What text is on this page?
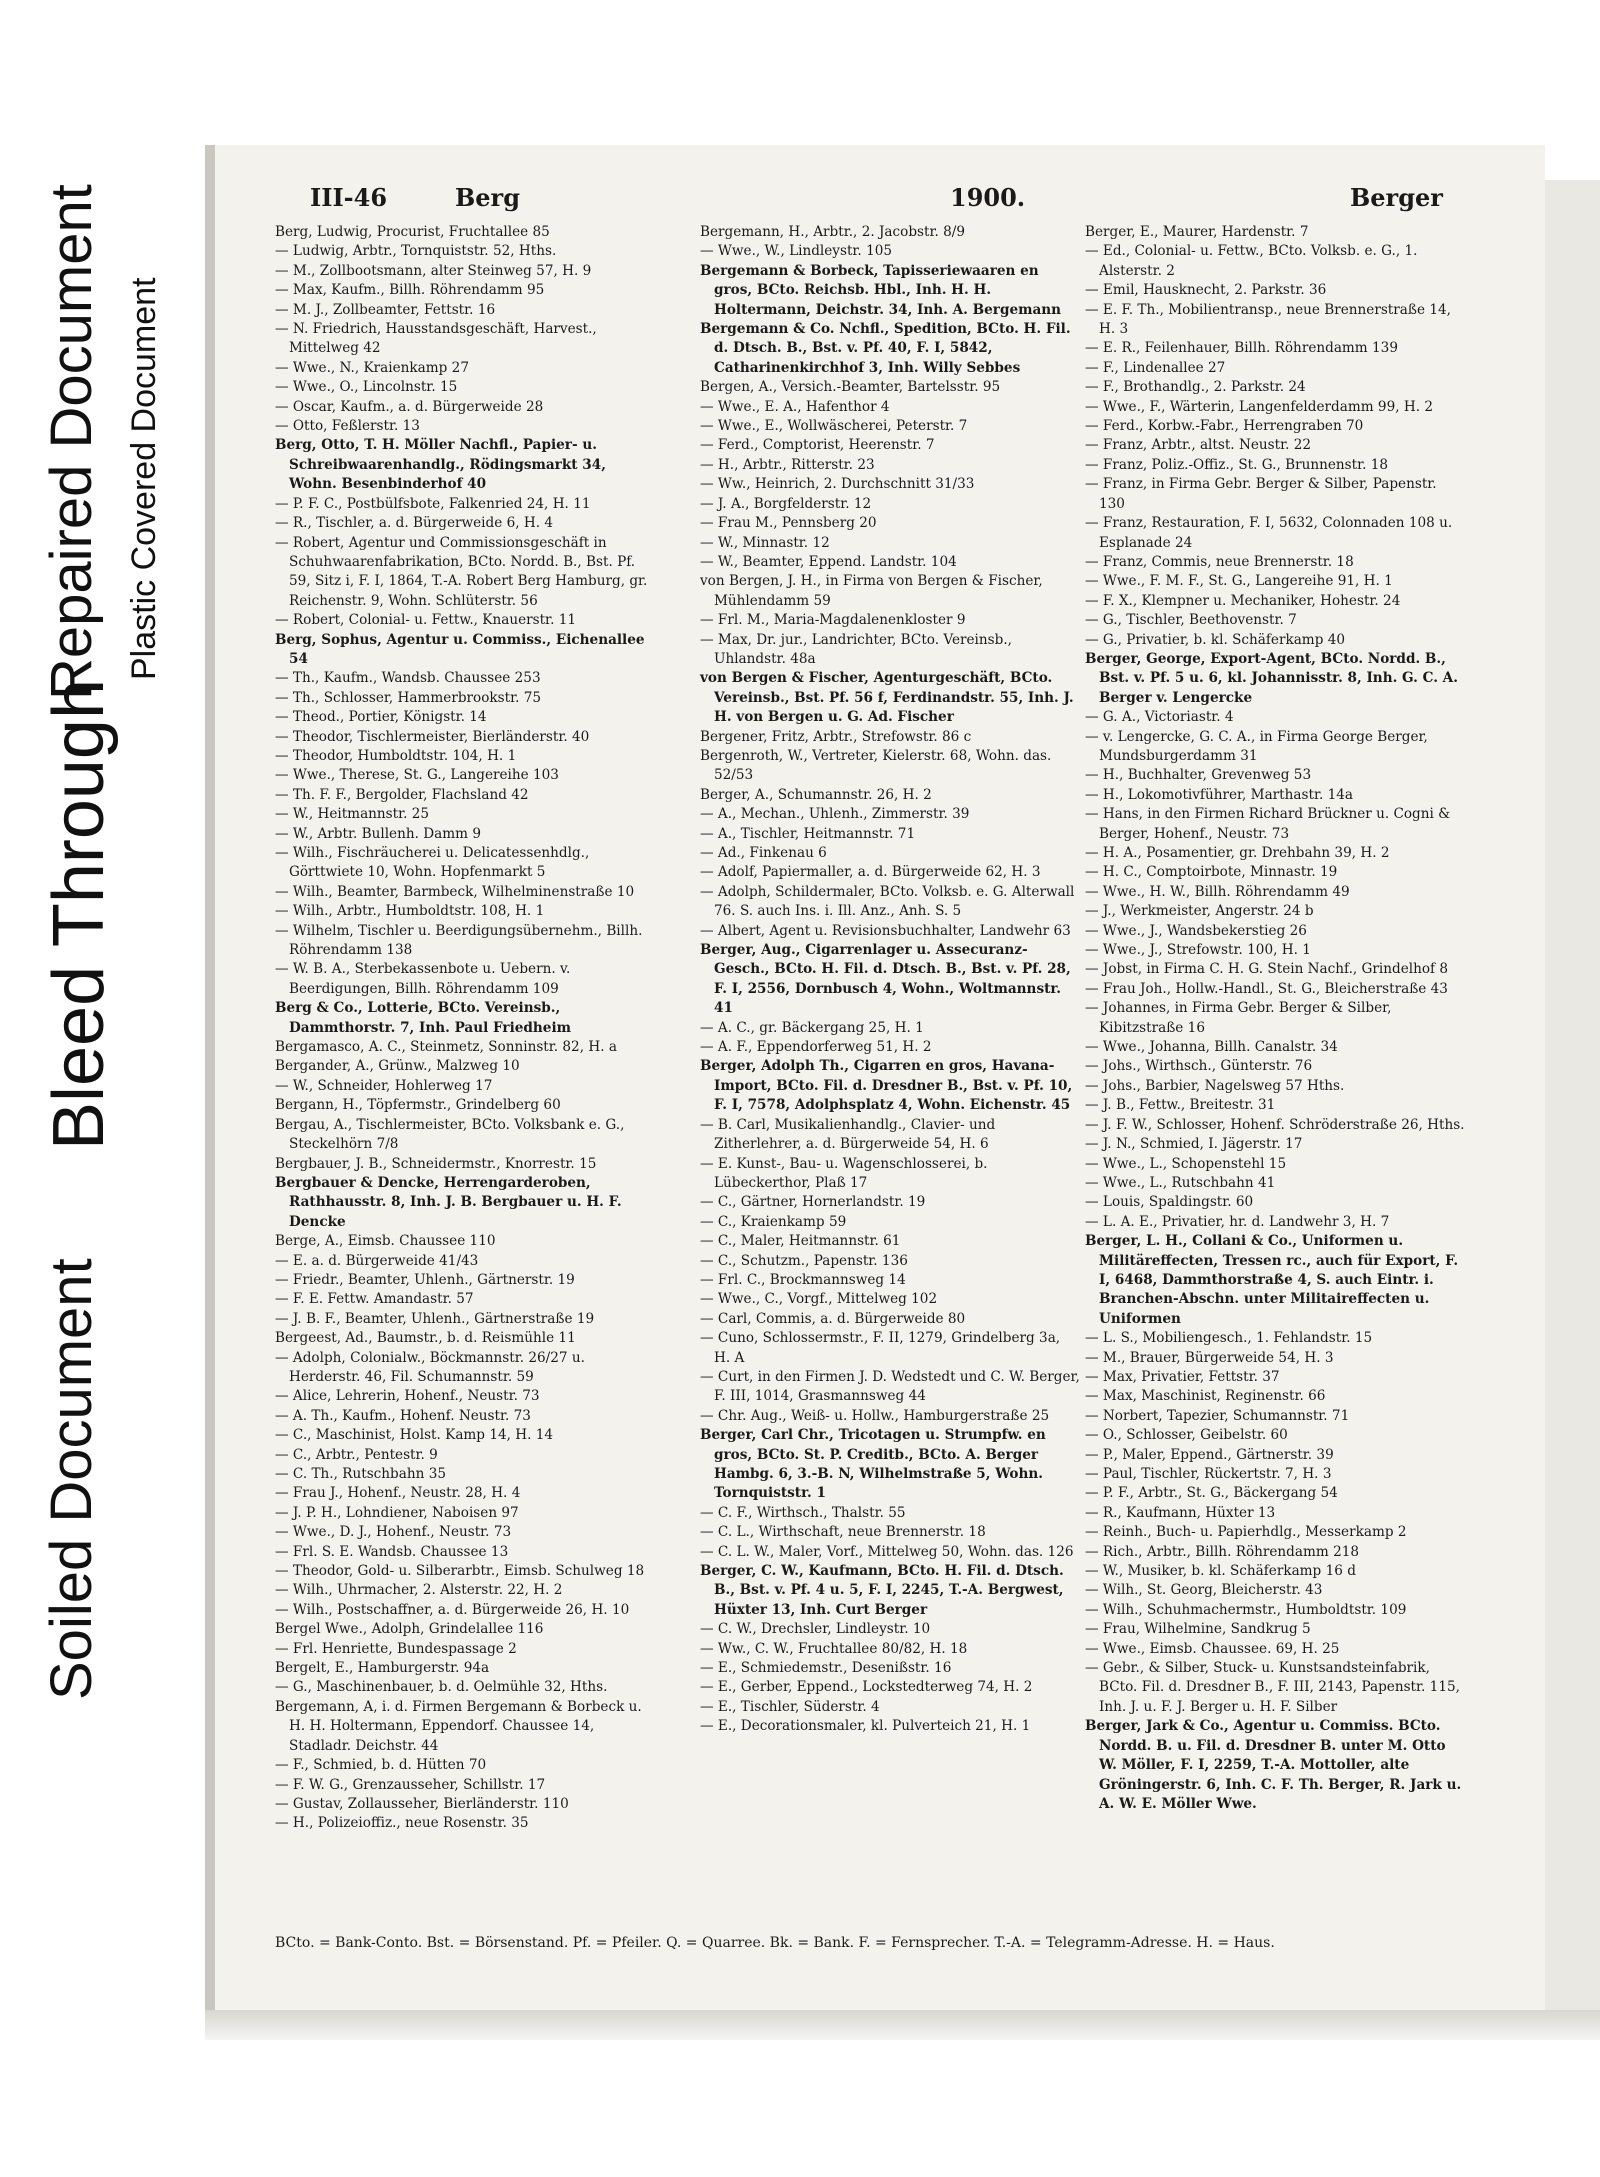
Soiled Document
Bleed Through
Repaired Document Plastic Covered Document
III-46	Berg	1900.	Berger

Berg, Ludwig, Procurist, Fruchtallee 85

— Ludwig, Arbtr., Tornquiststr. 52, Hths.

— M., Zollbootsmann, alter Steinweg 57, H. 9

— Max, Kaufm., Billh. Röhrendamm 95

— M. J., Zollbeamter, Fettstr. 16

— N. Friedrich, Hausstandsgeschäft, Harvest., Mittelweg 42

— Wwe., N., Kraienkamp 27

— Wwe., O., Lincolnstr. 15

— Oscar, Kaufm., a. d. Bürgerweide 28

— Otto, Feßlerstr. 13

Berg, Otto, T. H. Möller Nachfl., Papier- u. Schreibwaarenhandlg., Rödingsmarkt 34, Wohn. Besenbinderhof 40

— P. F. C., Postbülfsbote, Falkenried 24, H. 11

— R., Tischler, a. d. Bürgerweide 6, H. 4

— Robert, Agentur und Commissionsgeschäft in Schuhwaarenfabrikation, BCto. Nordd. B., Bst. Pf. 59, Sitz i, F. I, 1864, T.-A. Robert Berg Hamburg, gr. Reichenstr. 9, Wohn. Schlüterstr. 56

— Robert, Colonial- u. Fettw., Knauerstr. 11

Berg, Sophus, Agentur u. Commiss., Eichenallee 54

— Th., Kaufm., Wandsb. Chaussee 253

— Th., Schlosser, Hammerbrookstr. 75

— Theod., Portier, Königstr. 14

— Theodor, Tischlermeister, Bierländerstr. 40

— Theodor, Humboldtstr. 104, H. 1

— Wwe., Therese, St. G., Langereihe 103

— Th. F. F., Bergolder, Flachsland 42

— W., Heitmannstr. 25

— W., Arbtr. Bullenh. Damm 9

— Wilh., Fischräucherei u. Delicatessenhdlg., Görttwiete 10, Wohn. Hopfenmarkt 5

— Wilh., Beamter, Barmbeck, Wilhelminenstraße 10

— Wilh., Arbtr., Humboldtstr. 108, H. 1

— Wilhelm, Tischler u. Beerdigungsübernehm., Billh. Röhrendamm 138

— W. B. A., Sterbekassenbote u. Uebern. v. Beerdigungen, Billh. Röhrendamm 109

Berg & Co., Lotterie, BCto. Vereinsb., Dammthorstr. 7, Inh. Paul Friedheim

Bergamasco, A. C., Steinmetz, Sonninstr. 82, H. a

Bergander, A., Grünw., Malzweg 10

— W., Schneider, Hohlerweg 17

Bergann, H., Töpfermstr., Grindelberg 60

Bergau, A., Tischlermeister, BCto. Volksbank e. G., Steckelhörn 7/8

Bergbauer, J. B., Schneidermstr., Knorrestr. 15

Bergbauer & Dencke, Herrengarderoben, Rathhausstr. 8, Inh. J. B. Bergbauer u. H. F. Dencke

Berge, A., Eimsb. Chaussee 110

— E. a. d. Bürgerweide 41/43

— Friedr., Beamter, Uhlenh., Gärtnerstr. 19

— F. E. Fettw. Amandastr. 57

— J. B. F., Beamter, Uhlenh., Gärtnerstraße 19

Bergeest, Ad., Baumstr., b. d. Reismühle 11

— Adolph, Colonialw., Böckmannstr. 26/27 u. Herderstr. 46, Fil. Schumannstr. 59

— Alice, Lehrerin, Hohenf., Neustr. 73

— A. Th., Kaufm., Hohenf. Neustr. 73

— C., Maschinist, Holst. Kamp 14, H. 14

— C., Arbtr., Pentestr. 9

— C. Th., Rutschbahn 35

— Frau J., Hohenf., Neustr. 28, H. 4

— J. P. H., Lohndiener, Naboisen 97

— Wwe., D. J., Hohenf., Neustr. 73

— Frl. S. E. Wandsb. Chaussee 13

— Theodor, Gold- u. Silberarbtr., Eimsb. Schulweg 18

— Wilh., Uhrmacher, 2. Alsterstr. 22, H. 2

— Wilh., Postschaffner, a. d. Bürgerweide 26, H. 10

Bergel Wwe., Adolph, Grindelallee 116

— Frl. Henriette, Bundespassage 2

Bergelt, E., Hamburgerstr. 94a

— G., Maschinenbauer, b. d. Oelmühle 32, Hths.

Bergemann, A, i. d. Firmen Bergemann & Borbeck u. H. H. Holtermann, Eppendorf. Chaussee 14, Stadladr. Deichstr. 44

— F., Schmied, b. d. Hütten 70

— F. W. G., Grenzausseher, Schillstr. 17

— Gustav, Zollausseher, Bierländerstr. 110

— H., Polizeioffiz., neue Rosenstr. 35

Bergemann, H., Arbtr., 2. Jacobstr. 8/9

— Wwe., W., Lindleystr. 105

Bergemann & Borbeck, Tapisseriewaaren en gros, BCto. Reichsb. Hbl., Inh. H. H. Holtermann, Deichstr. 34, Inh. A. Bergemann

Bergemann & Co. Nchfl., Spedition, BCto. H. Fil. d. Dtsch. B., Bst. v. Pf. 40, F. I, 5842, Catharinenkirchhof 3, Inh. Willy Sebbes

Bergen, A., Versich.-Beamter, Bartelsstr. 95

— Wwe., E. A., Hafenthor 4

— Wwe., E., Wollwäscherei, Peterstr. 7

— Ferd., Comptorist, Heerenstr. 7

— H., Arbtr., Ritterstr. 23

— Ww., Heinrich, 2. Durchschnitt 31/33

— J. A., Borgfelderstr. 12

— Frau M., Pennsberg 20

— W., Minnastr. 12

— W., Beamter, Eppend. Landstr. 104

von Bergen, J. H., in Firma von Bergen & Fischer, Mühlendamm 59

— Frl. M., Maria-Magdalenenkloster 9

— Max, Dr. jur., Landrichter, BCto. Vereinsb., Uhlandstr. 48a

von Bergen & Fischer, Agenturgeschäft, BCto. Vereinsb., Bst. Pf. 56 f, Ferdinandstr. 55, Inh. J. H. von Bergen u. G. Ad. Fischer

Bergener, Fritz, Arbtr., Strefowstr. 86 c

Bergenroth, W., Vertreter, Kielerstr. 68, Wohn. das. 52/53

Berger, A., Schumannstr. 26, H. 2

— A., Mechan., Uhlenh., Zimmerstr. 39

— A., Tischler, Heitmannstr. 71

— Ad., Finkenau 6

— Adolf, Papiermaller, a. d. Bürgerweide 62, H. 3

— Adolph, Schildermaler, BCto. Volksb. e. G. Alterwall 76. S. auch Ins. i. Ill. Anz., Anh. S. 5

— Albert, Agent u. Revisionsbuchhalter, Landwehr 63

Berger, Aug., Cigarrenlager u. Assecuranz-Gesch., BCto. H. Fil. d. Dtsch. B., Bst. v. Pf. 28, F. I, 2556, Dornbusch 4, Wohn., Woltmannstr. 41

— A. C., gr. Bäckergang 25, H. 1

— A. F., Eppendorferweg 51, H. 2

Berger, Adolph Th., Cigarren en gros, Havana-Import, BCto. Fil. d. Dresdner B., Bst. v. Pf. 10, F. I, 7578, Adolphsplatz 4, Wohn. Eichenstr. 45

— B. Carl, Musikalienhandlg., Clavier- und Zitherlehrer, a. d. Bürgerweide 54, H. 6

— E. Kunst-, Bau- u. Wagenschlosserei, b. Lübeckerthor, Plaß 17

— C., Gärtner, Hornerlandstr. 19

— C., Kraienkamp 59

— C., Maler, Heitmannstr. 61

— C., Schutzm., Papenstr. 136

— Frl. C., Brockmannsweg 14

— Wwe., C., Vorgf., Mittelweg 102

— Carl, Commis, a. d. Bürgerweide 80

— Cuno, Schlossermstr., F. II, 1279, Grindelberg 3a, H. A

— Curt, in den Firmen J. D. Wedstedt und C. W. Berger, F. III, 1014, Grasmannsweg 44

— Chr. Aug., Weiß- u. Hollw., Hamburgerstraße 25

Berger, Carl Chr., Tricotagen u. Strumpfw. en gros, BCto. St. P. Creditb., BCto. A. Berger Hambg. 6, 3.-B. N, Wilhelmstraße 5, Wohn. Tornquiststr. 1

— C. F., Wirthsch., Thalstr. 55

— C. L., Wirthschaft, neue Brennerstr. 18

— C. L. W., Maler, Vorf., Mittelweg 50, Wohn. das. 126

Berger, C. W., Kaufmann, BCto. H. Fil. d. Dtsch. B., Bst. v. Pf. 4 u. 5, F. I, 2245, T.-A. Bergwest, Hüxter 13, Inh. Curt Berger

— C. W., Drechsler, Lindleystr. 10

— Ww., C. W., Fruchtallee 80/82, H. 18

— E., Schmiedemstr., Desenißstr. 16

— E., Gerber, Eppend., Lockstedterweg 74, H. 2

— E., Tischler, Süderstr. 4

— E., Decorationsmaler, kl. Pulverteich 21, H. 1

Berger, E., Maurer, Hardenstr. 7

— Ed., Colonial- u. Fettw., BCto. Volksb. e. G., 1. Alsterstr. 2

— Emil, Hausknecht, 2. Parkstr. 36

— E. F. Th., Mobilientransp., neue Brennerstraße 14, H. 3

— E. R., Feilenhauer, Billh. Röhrendamm 139

— F., Lindenallee 27

— F., Brothandlg., 2. Parkstr. 24

— Wwe., F., Wärterin, Langenfelderdamm 99, H. 2

— Ferd., Korbw.-Fabr., Herrengraben 70

— Franz, Arbtr., altst. Neustr. 22

— Franz, Poliz.-Offiz., St. G., Brunnenstr. 18

— Franz, in Firma Gebr. Berger & Silber, Papenstr. 130

— Franz, Restauration, F. I, 5632, Colonnaden 108 u. Esplanade 24

— Franz, Commis, neue Brennerstr. 18

— Wwe., F. M. F., St. G., Langereihe 91, H. 1

— F. X., Klempner u. Mechaniker, Hohestr. 24

— G., Tischler, Beethovenstr. 7

— G., Privatier, b. kl. Schäferkamp 40

Berger, George, Export-Agent, BCto. Nordd. B., Bst. v. Pf. 5 u. 6, kl. Johannisstr. 8, Inh. G. C. A. Berger v. Lengercke

— G. A., Victoriastr. 4

— v. Lengercke, G. C. A., in Firma George Berger, Mundsburgerdamm 31

— H., Buchhalter, Grevenweg 53

— H., Lokomotivführer, Marthastr. 14a

— Hans, in den Firmen Richard Brückner u. Cogni & Berger, Hohenf., Neustr. 73

— H. A., Posamentier, gr. Drehbahn 39, H. 2

— H. C., Comptoirbote, Minnastr. 19

— Wwe., H. W., Billh. Röhrendamm 49

— J., Werkmeister, Angerstr. 24 b

— Wwe., J., Wandsbekerstieg 26

— Wwe., J., Strefowstr. 100, H. 1

— Jobst, in Firma C. H. G. Stein Nachf., Grindelhof 8

— Frau Joh., Hollw.-Handl., St. G., Bleicherstraße 43

— Johannes, in Firma Gebr. Berger & Silber, Kibitzstraße 16

— Wwe., Johanna, Billh. Canalstr. 34

— Johs., Wirthsch., Günterstr. 76

— Johs., Barbier, Nagelsweg 57 Hths.

— J. B., Fettw., Breitestr. 31

— J. F. W., Schlosser, Hohenf. Schröderstraße 26, Hths.

— J. N., Schmied, I. Jägerstr. 17

— Wwe., L., Schopenstehl 15

— Wwe., L., Rutschbahn 41

— Louis, Spaldingstr. 60

— L. A. E., Privatier, hr. d. Landwehr 3, H. 7

Berger, L. H., Collani & Co., Uniformen u. Militäreffecten, Tressen rc., auch für Export, F. I, 6468, Dammthorstraße 4, S. auch Eintr. i. Branchen-Abschn. unter Militaireffecten u. Uniformen

— L. S., Mobiliengesch., 1. Fehlandstr. 15

— M., Brauer, Bürgerweide 54, H. 3

— Max, Privatier, Fettstr. 37

— Max, Maschinist, Reginenstr. 66

— Norbert, Tapezier, Schumannstr. 71

— O., Schlosser, Geibelstr. 60

— P., Maler, Eppend., Gärtnerstr. 39

— Paul, Tischler, Rückertstr. 7, H. 3

— P. F., Arbtr., St. G., Bäckergang 54

— R., Kaufmann, Hüxter 13

— Reinh., Buch- u. Papierhdlg., Messerkamp 2

— Rich., Arbtr., Billh. Röhrendamm 218

— W., Musiker, b. kl. Schäferkamp 16 d

— Wilh., St. Georg, Bleicherstr. 43

— Wilh., Schuhmachermstr., Humboldtstr. 109

— Frau, Wilhelmine, Sandkrug 5

— Wwe., Eimsb. Chaussee. 69, H. 25

— Gebr., & Silber, Stuck- u. Kunstsandsteinfabrik, BCto. Fil. d. Dresdner B., F. III, 2143, Papenstr. 115, Inh. J. u. F. J. Berger u. H. F. Silber

Berger, Jark & Co., Agentur u. Commiss. BCto. Nordd. B. u. Fil. d. Dresdner B. unter M. Otto W. Möller, F. I, 2259, T.-A. Mottoller, alte Gröningerstr. 6, Inh. C. F. Th. Berger, R. Jark u. A. W. E. Möller Wwe.

BCto. = Bank-Conto. Bst. = Börsenstand. Pf. = Pfeiler. Q. = Quarree. Bk. = Bank. F. = Fernsprecher. T.-A. = Telegramm-Adresse. H. = Haus.
